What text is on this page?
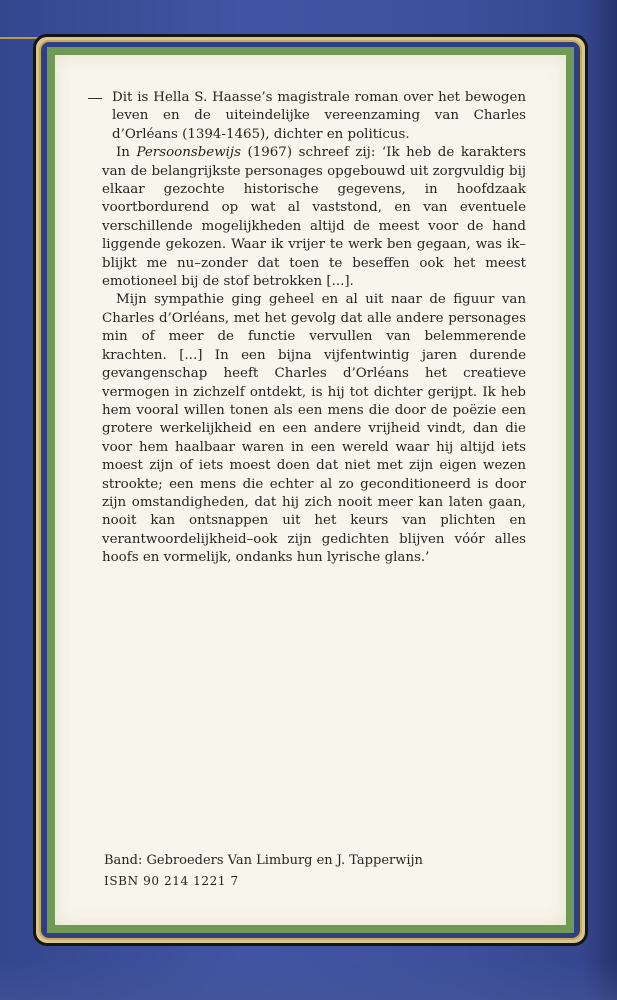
Dit is Hella S. Haasse’s magistrale roman over het bewogen leven en de uiteindelijke vereenzaming van Charles d’Orléans (1394-1465), dichter en politicus.

In Persoonsbewijs (1967) schreef zij: ‘Ik heb de karakters van de belangrijkste personages opgebouwd uit zorgvuldig bij elkaar gezochte historische gegevens, in hoofdzaak voortbordurend op wat al vaststond, en van eventuele verschillende mogelijkheden altijd de meest voor de hand liggende gekozen. Waar ik vrijer te werk ben gegaan, was ik–blijkt me nu–zonder dat toen te beseffen ook het meest emotioneel bij de stof betrokken [...].

Mijn sympathie ging geheel en al uit naar de figuur van Charles d’Orléans, met het gevolg dat alle andere personages min of meer de functie vervullen van belemmerende krachten. [...] In een bijna vijfentwintig jaren durende gevangenschap heeft Charles d’Orléans het creatieve vermogen in zichzelf ontdekt, is hij tot dichter gerijpt. Ik heb hem vooral willen tonen als een mens die door de poëzie een grotere werkelijkheid en een andere vrijheid vindt, dan die voor hem haalbaar waren in een wereld waar hij altijd iets moest zijn of iets moest doen dat niet met zijn eigen wezen strookte; een mens die echter al zo geconditioneerd is door zijn omstandigheden, dat hij zich nooit meer kan laten gaan, nooit kan ontsnappen uit het keurs van plichten en verantwoordelijkheid–ook zijn gedichten blijven vóór alles hoofs en vormelijk, ondanks hun lyrische glans.’

Band: Gebroeders Van Limburg en J. Tapperwijn
ISBN 90 214 1221 7
